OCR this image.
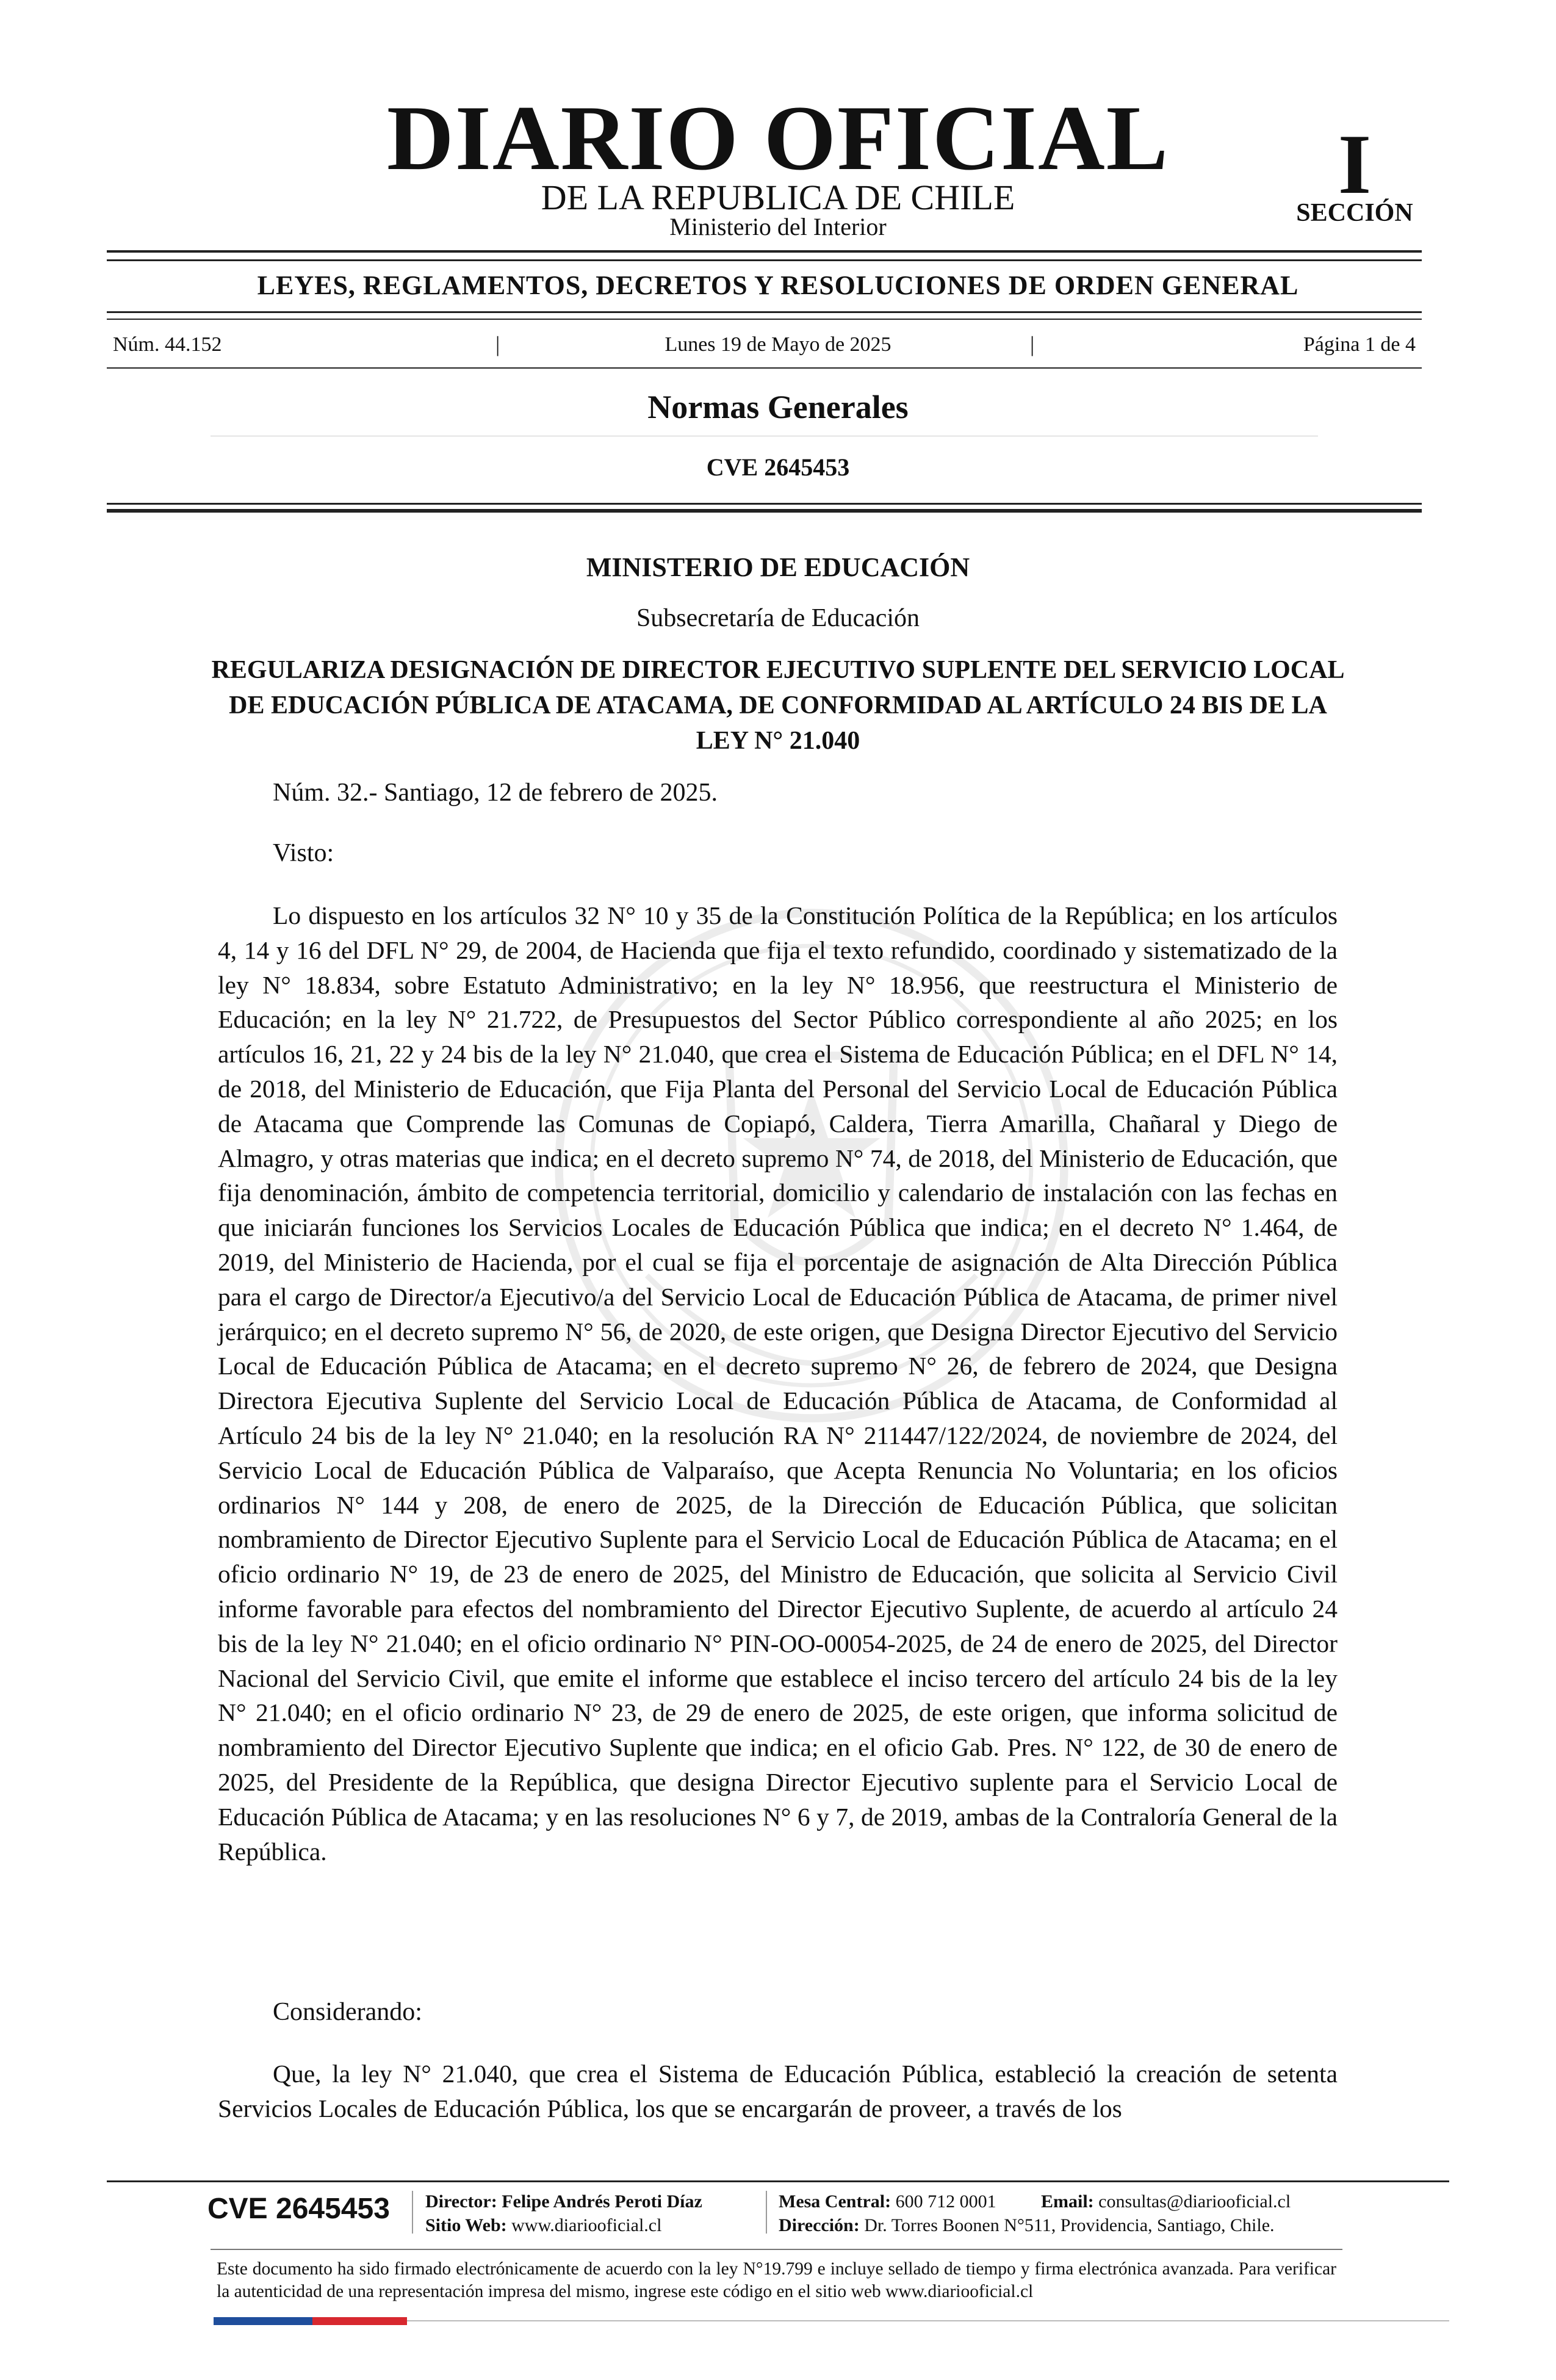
DIARIO OFICIAL
DE LA REPUBLICA DE CHILE
Ministerio del Interior
I
SECCIÓN
LEYES, REGLAMENTOS, DECRETOS Y RESOLUCIONES DE ORDEN GENERAL
Núm. 44.152	|	Lunes 19 de Mayo de 2025	|	Página 1 de 4
Normas Generales
CVE 2645453
MINISTERIO DE EDUCACIÓN
Subsecretaría de Educación
REGULARIZA DESIGNACIÓN DE DIRECTOR EJECUTIVO SUPLENTE DEL SERVICIO LOCAL DE EDUCACIÓN PÚBLICA DE ATACAMA, DE CONFORMIDAD AL ARTÍCULO 24 BIS DE LA LEY N° 21.040
Núm. 32.- Santiago, 12 de febrero de 2025.
Visto:

Lo dispuesto en los artículos 32 N° 10 y 35 de la Constitución Política de la República; en los artículos 4, 14 y 16 del DFL N° 29, de 2004, de Hacienda que fija el texto refundido, coordinado y sistematizado de la ley N° 18.834, sobre Estatuto Administrativo; en la ley N° 18.956, que reestructura el Ministerio de Educación; en la ley N° 21.722, de Presupuestos del Sector Público correspondiente al año 2025; en los artículos 16, 21, 22 y 24 bis de la ley N° 21.040, que crea el Sistema de Educación Pública; en el DFL N° 14, de 2018, del Ministerio de Educación, que Fija Planta del Personal del Servicio Local de Educación Pública de Atacama que Comprende las Comunas de Copiapó, Caldera, Tierra Amarilla, Chañaral y Diego de Almagro, y otras materias que indica; en el decreto supremo N° 74, de 2018, del Ministerio de Educación, que fija denominación, ámbito de competencia territorial, domicilio y calendario de instalación con las fechas en que iniciarán funciones los Servicios Locales de Educación Pública que indica; en el decreto N° 1.464, de 2019, del Ministerio de Hacienda, por el cual se fija el porcentaje de asignación de Alta Dirección Pública para el cargo de Director/a Ejecutivo/a del Servicio Local de Educación Pública de Atacama, de primer nivel jerárquico; en el decreto supremo N° 56, de 2020, de este origen, que Designa Director Ejecutivo del Servicio Local de Educación Pública de Atacama; en el decreto supremo N° 26, de febrero de 2024, que Designa Directora Ejecutiva Suplente del Servicio Local de Educación Pública de Atacama, de Conformidad al Artículo 24 bis de la ley N° 21.040; en la resolución RA N° 211447/122/2024, de noviembre de 2024, del Servicio Local de Educación Pública de Valparaíso, que Acepta Renuncia No Voluntaria; en los oficios ordinarios N° 144 y 208, de enero de 2025, de la Dirección de Educación Pública, que solicitan nombramiento de Director Ejecutivo Suplente para el Servicio Local de Educación Pública de Atacama; en el oficio ordinario N° 19, de 23 de enero de 2025, del Ministro de Educación, que solicita al Servicio Civil informe favorable para efectos del nombramiento del Director Ejecutivo Suplente, de acuerdo al artículo 24 bis de la ley N° 21.040; en el oficio ordinario N° PIN-OO-00054-2025, de 24 de enero de 2025, del Director Nacional del Servicio Civil, que emite el informe que establece el inciso tercero del artículo 24 bis de la ley N° 21.040; en el oficio ordinario N° 23, de 29 de enero de 2025, de este origen, que informa solicitud de nombramiento del Director Ejecutivo Suplente que indica; en el oficio Gab. Pres. N° 122, de 30 de enero de 2025, del Presidente de la República, que designa Director Ejecutivo suplente para el Servicio Local de Educación Pública de Atacama; y en las resoluciones N° 6 y 7, de 2019, ambas de la Contraloría General de la República.

Considerando:

Que, la ley N° 21.040, que crea el Sistema de Educación Pública, estableció la creación de setenta Servicios Locales de Educación Pública, los que se encargarán de proveer, a través de los

CVE 2645453 Director: Felipe Andrés Peroti Díaz
Sitio Web: www.diariooficial.cl
Mesa Central: 600 712 0001 Email: consultas@diariooficial.cl
Dirección: Dr. Torres Boonen N°511, Providencia, Santiago, Chile.

Este documento ha sido firmado electrónicamente de acuerdo con la ley N°19.799 e incluye sellado de tiempo y firma electrónica avanzada. Para verificar la autenticidad de una representación impresa del mismo, ingrese este código en el sitio web www.diariooficial.cl
